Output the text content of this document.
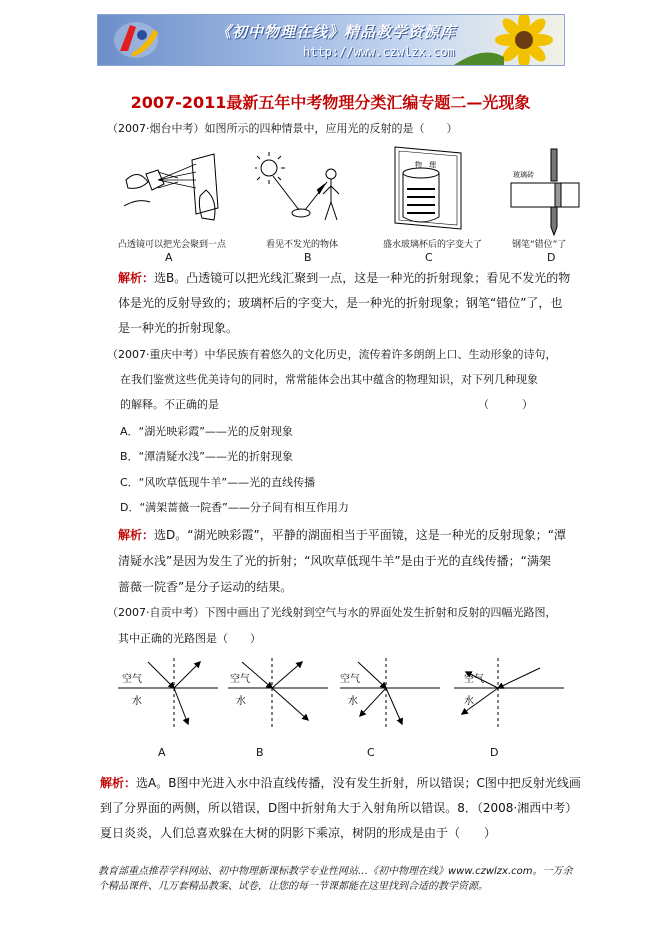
《初中物理在线》精品教学资源库
http://www.czwlzx.com
2007-2011最新五年中考物理分类汇编专题二—光现象
（2007·烟台中考）如图所示的四种情景中，应用光的反射的是（　　）
凸透镜可以把光会聚到一点
A
看见不发光的物体
B
物　理
盛水玻璃杯后的字变大了
C
玻璃砖
钢笔“错位”了
D
解析：选B。凸透镜可以把光线汇聚到一点，这是一种光的折射现象；看见不发光的物
体是光的反射导致的；玻璃杯后的字变大，是一种光的折射现象；钢笔“错位”了，也
是一种光的折射现象。
（2007·重庆中考）中华民族有着悠久的文化历史，流传着许多朗朗上口、生动形象的诗句，
在我们鉴赏这些优美诗句的同时，常常能体会出其中蕴含的物理知识，对下列几种现象
的解释。不正确的是	（　　　）
A．“湖光映彩霞”——光的反射现象
B．“潭清疑水浅”——光的折射现象
C．“风吹草低现牛羊”——光的直线传播
D．“满架蔷薇一院香”——分子间有相互作用力
解析：选D。“湖光映彩霞”，平静的湖面相当于平面镜，这是一种光的反射现象；“潭
清疑水浅”是因为发生了光的折射；“风吹草低现牛羊”是由于光的直线传播；“满架
蔷薇一院香”是分子运动的结果。
（2007·自贡中考）下图中画出了光线射到空气与水的界面处发生折射和反射的四幅光路图，
其中正确的光路图是（　　）
空气
水
空气
水
空气
水
空气
水
A	B	C	D
解析：选A。B图中光进入水中沿直线传播，没有发生折射，所以错误；C图中把反射光线画
到了分界面的两侧，所以错误，D图中折射角大于入射角所以错误。8．（2008·湘西中考）
夏日炎炎，人们总喜欢躲在大树的阴影下乘凉，树阴的形成是由于（　　）
教育部重点推荐学科网站、初中物理新课标教学专业性网站…《初中物理在线》www.czwlzx.com。一万余
个精品课件、几万套精品教案、试卷，让您的每一节课都能在这里找到合适的教学资源。
